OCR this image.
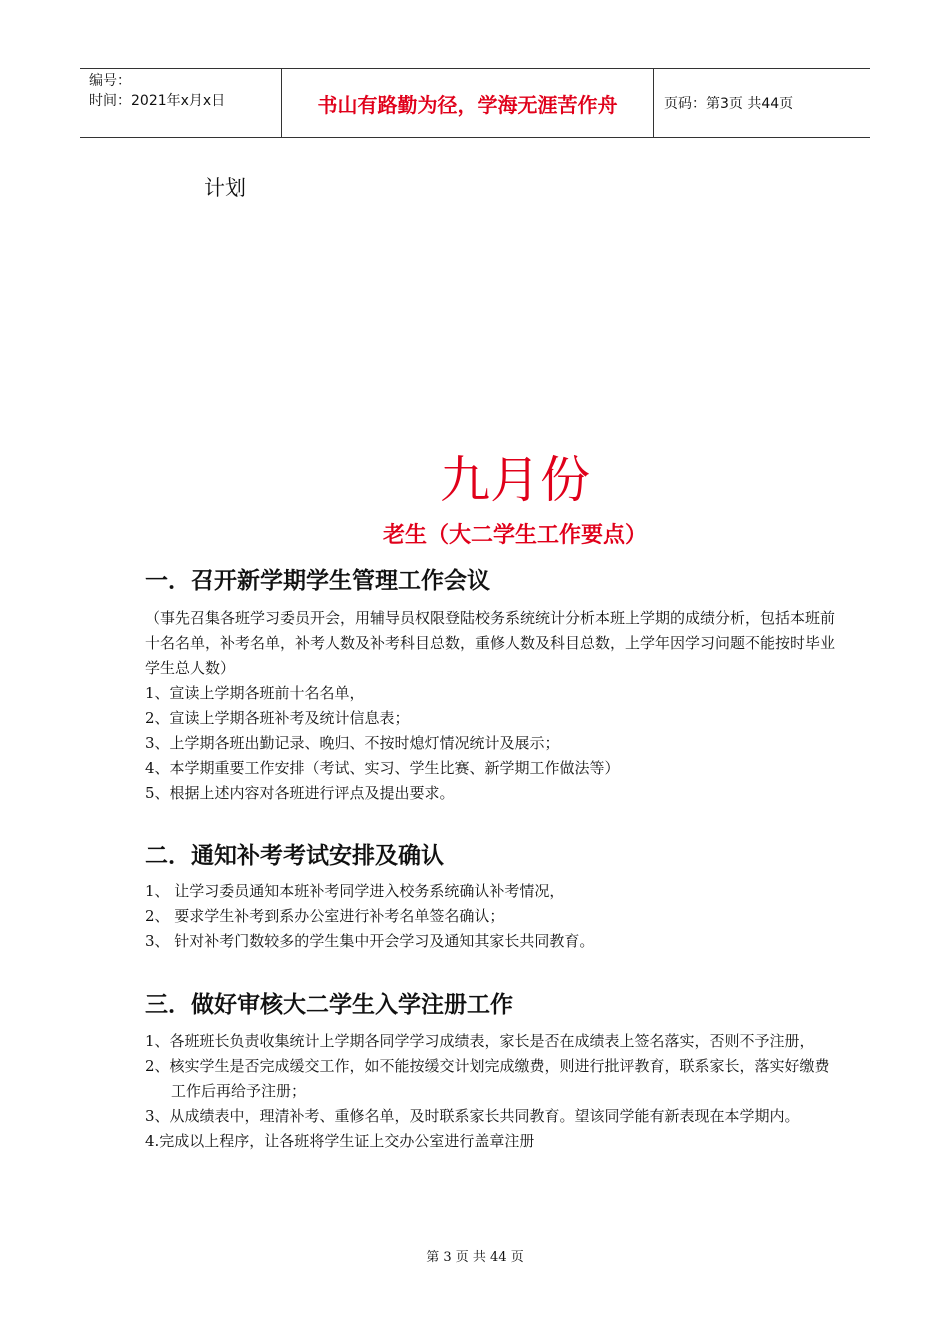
编号：
时间：2021年x月x日	书山有路勤为径，学海无涯苦作舟	页码：第3页 共44页
计划
九月份
老生（大二学生工作要点）
一．召开新学期学生管理工作会议
（事先召集各班学习委员开会，用辅导员权限登陆校务系统统计分析本班上学期的成绩分析，包括本班前十名名单，补考名单，补考人数及补考科目总数，重修人数及科目总数，上学年因学习问题不能按时毕业学生总人数）
1、宣读上学期各班前十名名单，
2、宣读上学期各班补考及统计信息表；
3、上学期各班出勤记录、晚归、不按时熄灯情况统计及展示；
4、本学期重要工作安排（考试、实习、学生比赛、新学期工作做法等）
5、根据上述内容对各班进行评点及提出要求。
二．通知补考考试安排及确认
1、 让学习委员通知本班补考同学进入校务系统确认补考情况，
2、 要求学生补考到系办公室进行补考名单签名确认；
3、 针对补考门数较多的学生集中开会学习及通知其家长共同教育。
三．做好审核大二学生入学注册工作
1、各班班长负责收集统计上学期各同学学习成绩表，家长是否在成绩表上签名落实，否则不予注册，
2、核实学生是否完成缓交工作，如不能按缓交计划完成缴费，则进行批评教育，联系家长，落实好缴费工作后再给予注册；
3、从成绩表中，理清补考、重修名单，及时联系家长共同教育。望该同学能有新表现在本学期内。
4.完成以上程序，让各班将学生证上交办公室进行盖章注册
第 3 页 共 44 页
